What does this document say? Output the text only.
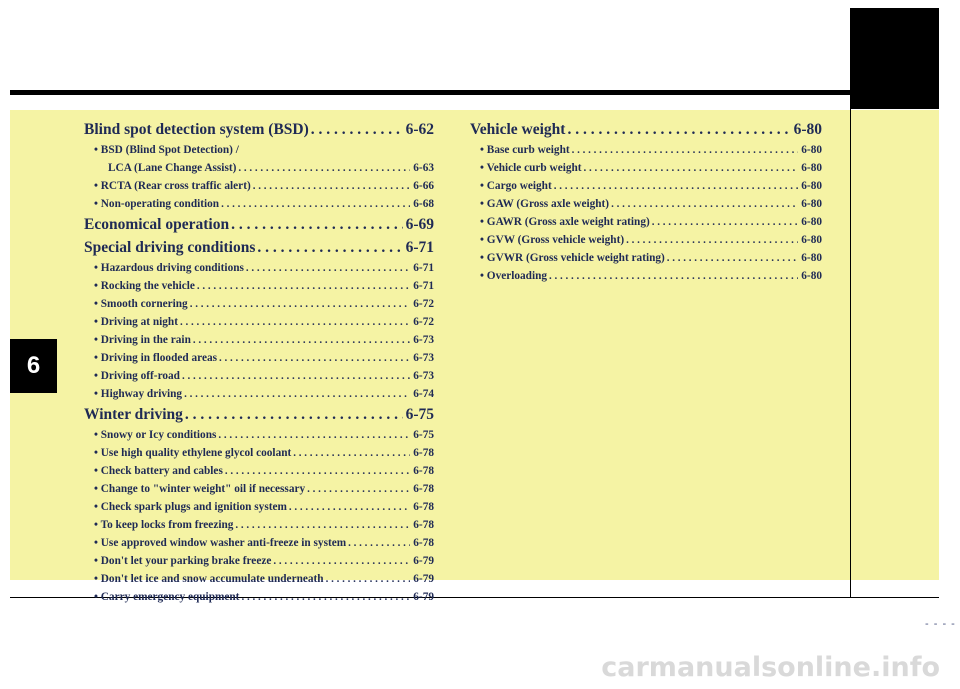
6
Blind spot detection system (BSD) . . .	6-62
• BSD (Blind Spot Detection) /
LCA (Lane Change Assist) . . .	6-63
• RCTA (Rear cross traffic alert) . . .	6-66
• Non-operating condition . . .	6-68
Economical operation . . .	6-69
Special driving conditions . . .	6-71
• Hazardous driving conditions . . .	6-71
• Rocking the vehicle . . .	6-71
• Smooth cornering . . .	6-72
• Driving at night . . .	6-72
• Driving in the rain . . .	6-73
• Driving in flooded areas . . .	6-73
• Driving off-road . . .	6-73
• Highway driving . . .	6-74
Winter driving . . .	6-75
• Snowy or Icy conditions . . .	6-75
• Use high quality ethylene glycol coolant . . .	6-78
• Check battery and cables . . .	6-78
• Change to "winter weight" oil if necessary . . .	6-78
• Check spark plugs and ignition system . . .	6-78
• To keep locks from freezing . . .	6-78
• Use approved window washer anti-freeze in system . . .	6-78
• Don't let your parking brake freeze . . .	6-79
• Don't let ice and snow accumulate underneath . . .	6-79
• Carry emergency equipment . . .	6-79
Vehicle weight . . .	6-80
• Base curb weight . . .	6-80
• Vehicle curb weight . . .	6-80
• Cargo weight . . .	6-80
• GAW (Gross axle weight) . . .	6-80
• GAWR (Gross axle weight rating) . . .	6-80
• GVW (Gross vehicle weight) . . .	6-80
• GVWR (Gross vehicle weight rating) . . .	6-80
• Overloading . . .	6-80
- - - -
carmanualsonline.info
